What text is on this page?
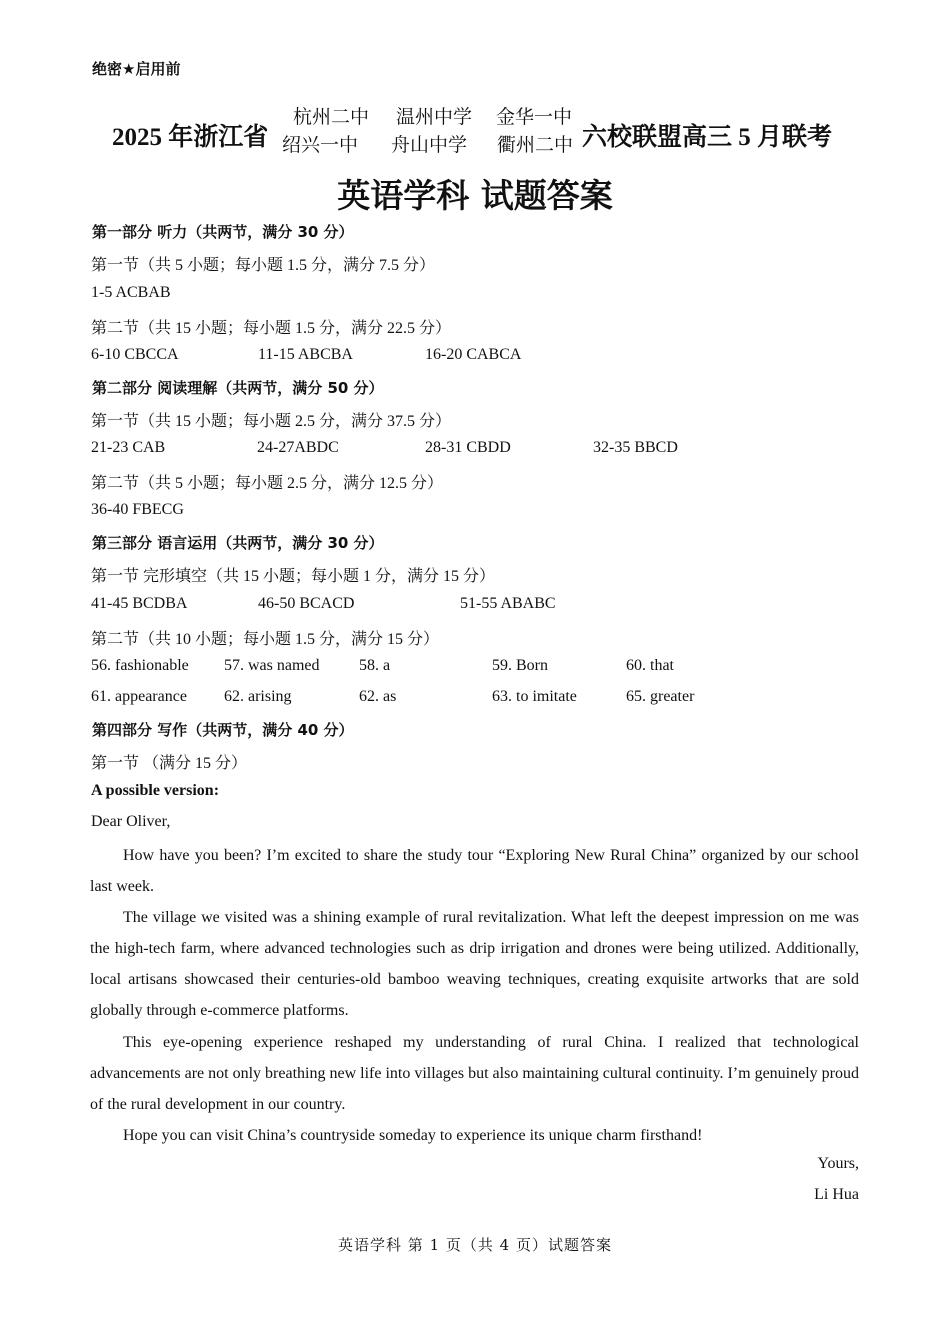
绝密★启用前
2025 年浙江省
杭州二中 温州中学 金华一中
绍兴一中 舟山中学 衢州二中 六校联盟高三 5 月联考
英语学科 试题答案
第一部分 听力（共两节，满分 30 分）
第一节（共 5 小题；每小题 1.5 分，满分 7.5 分）
1-5 ACBAB
第二节（共 15 小题；每小题 1.5 分，满分 22.5 分）
6-10 CBCCA	11-15 ABCBA	16-20 CABCA
第二部分 阅读理解（共两节，满分 50 分）
第一节（共 15 小题；每小题 2.5 分，满分 37.5 分）
21-23 CAB	24-27ABDC	28-31 CBDD	32-35 BBCD
第二节（共 5 小题；每小题 2.5 分，满分 12.5 分）
36-40 FBECG
第三部分 语言运用（共两节，满分 30 分）
第一节 完形填空（共 15 小题；每小题 1 分，满分 15 分）
41-45 BCDBA	46-50 BCACD	51-55 ABABC
第二节（共 10 小题；每小题 1.5 分，满分 15 分）
56. fashionable 57. was named 58. a	59. Born	60. that
61. appearance 62. arising	62. as	63. to imitate	65. greater
第四部分 写作（共两节，满分 40 分）
第一节 （满分 15 分）
A possible version:
Dear Oliver,

How have you been? I’m excited to share the study tour “Exploring New Rural China” organized by our school last week.

The village we visited was a shining example of rural revitalization. What left the deepest impression on me was the high-tech farm, where advanced technologies such as drip irrigation and drones were being utilized. Additionally, local artisans showcased their centuries-old bamboo weaving techniques, creating exquisite artworks that are sold globally through e-commerce platforms.

This eye-opening experience reshaped my understanding of rural China. I realized that technological advancements are not only breathing new life into villages but also maintaining cultural continuity. I’m genuinely proud of the rural development in our country.

Hope you can visit China’s countryside someday to experience its unique charm firsthand!

Yours,
Li Hua
英语学科 第 1 页（共 4 页）试题答案
